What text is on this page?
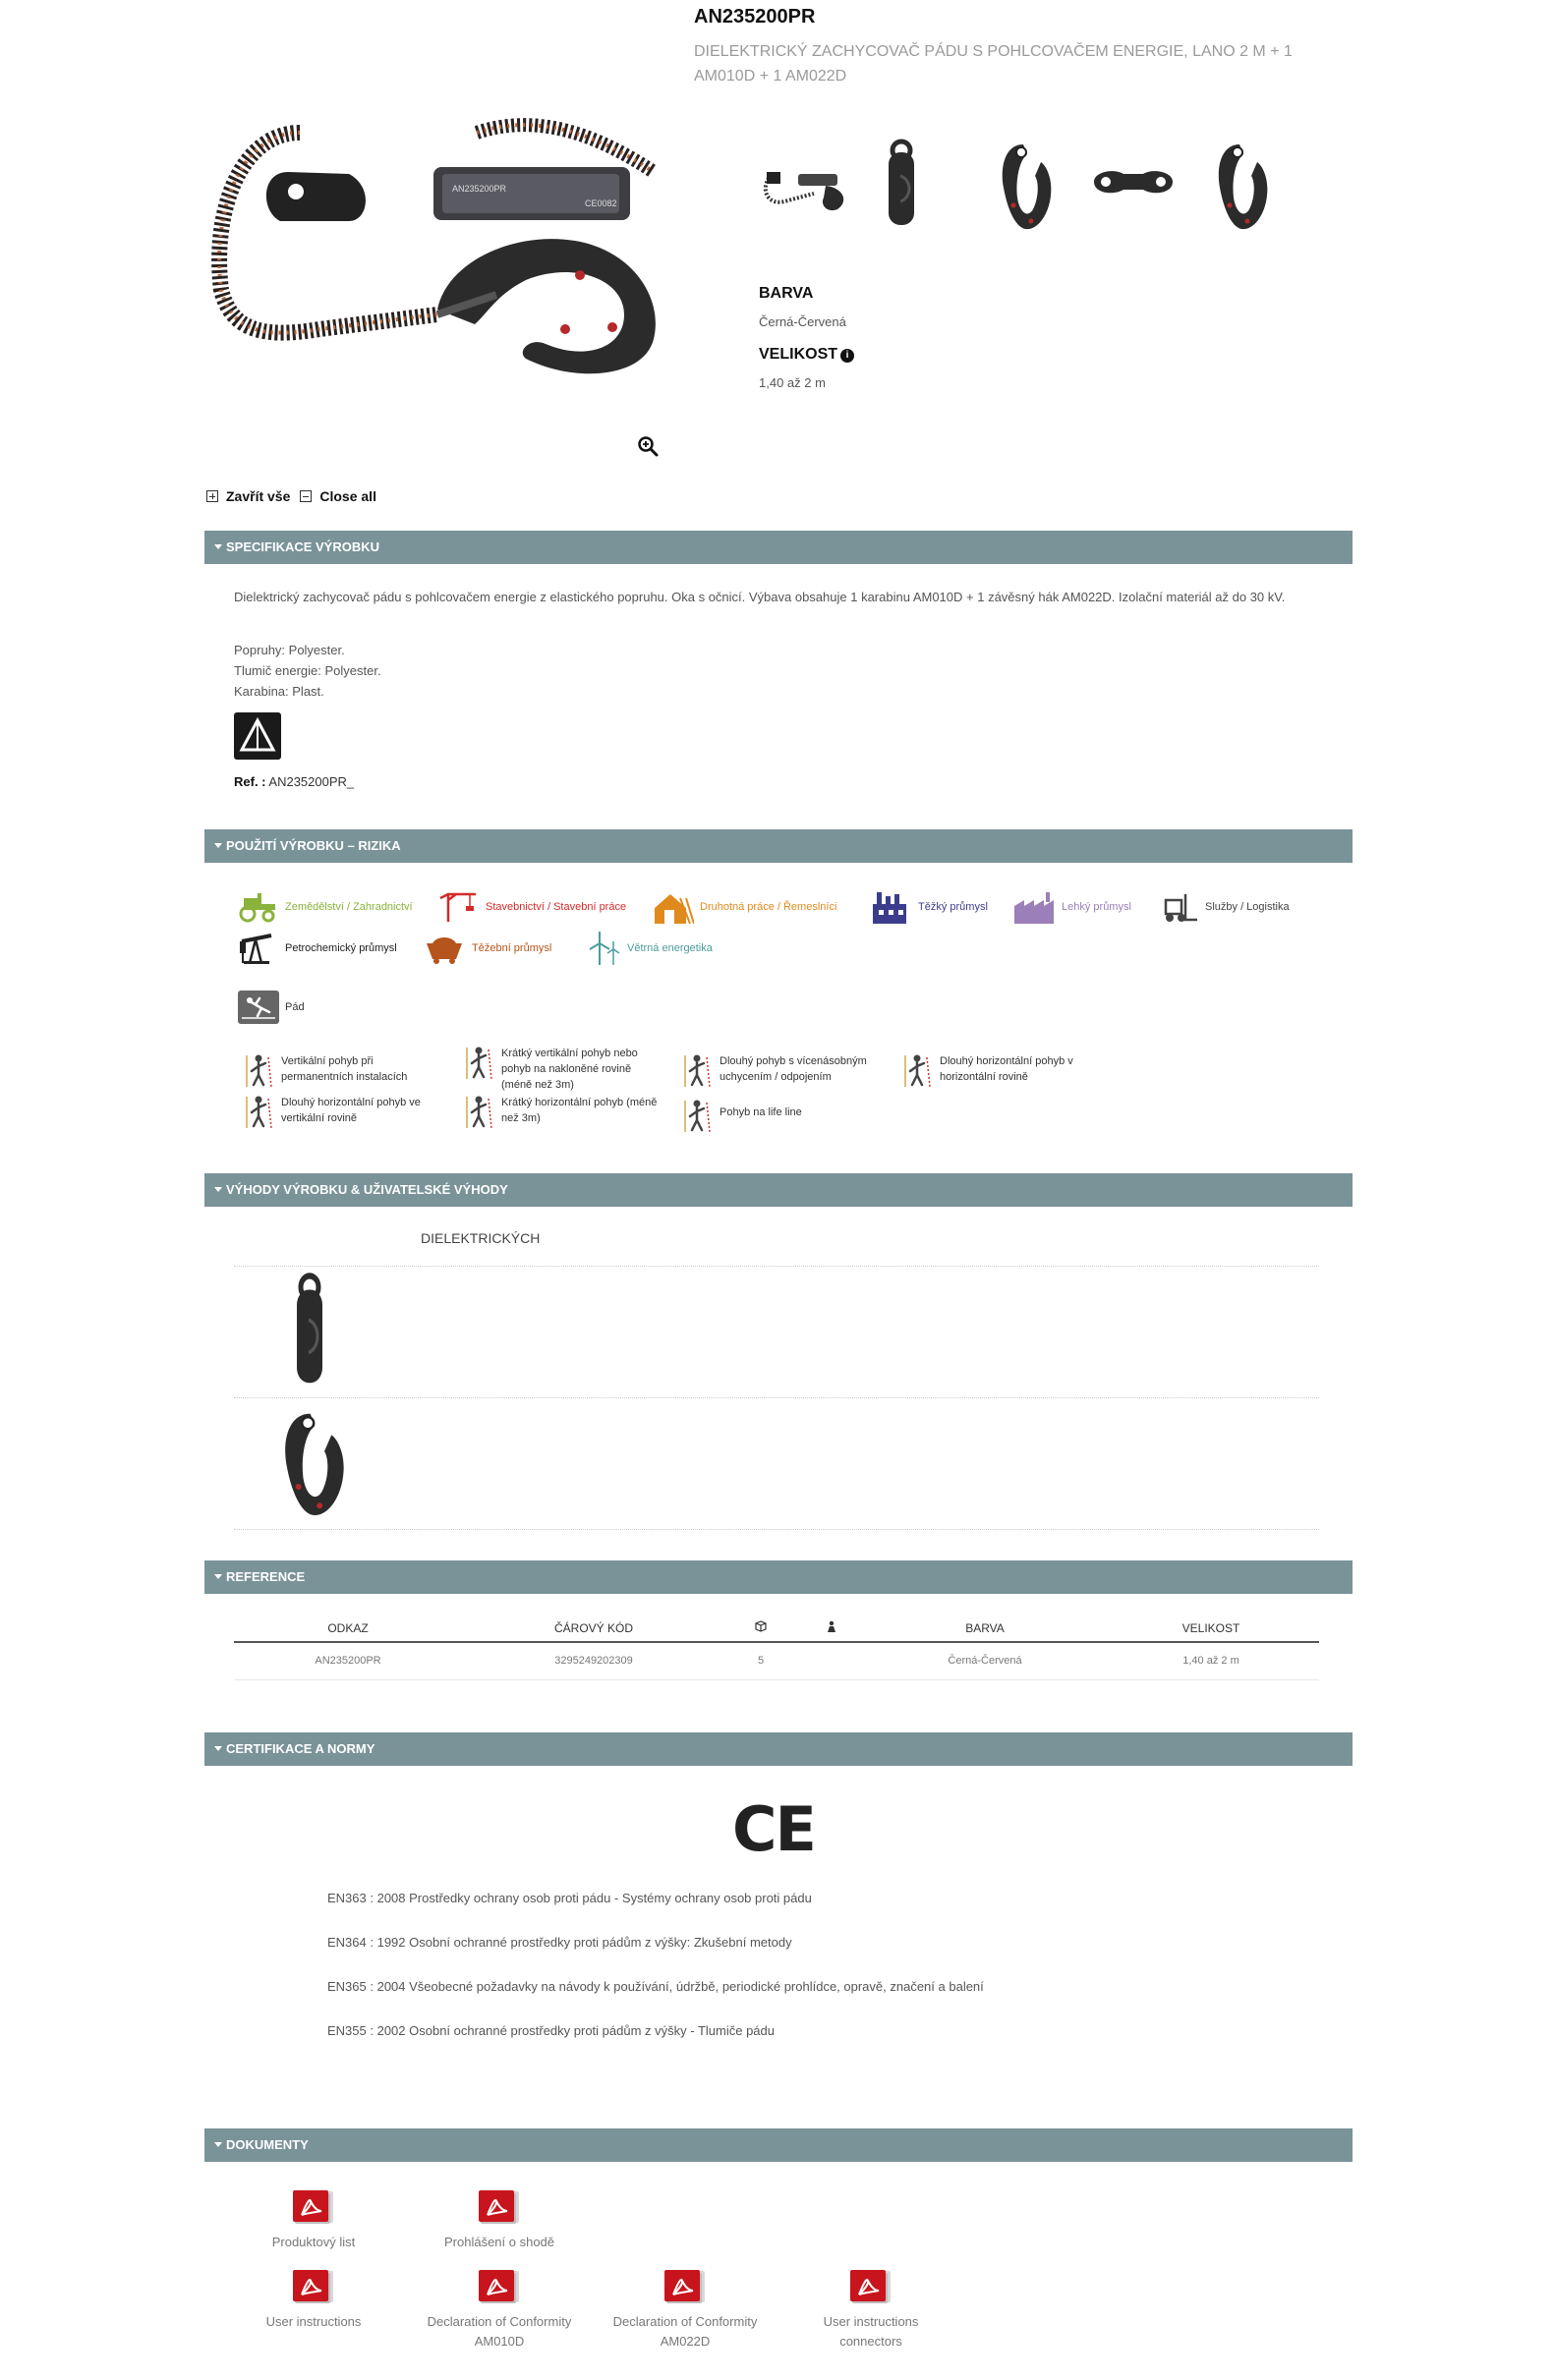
AN235200PR
CE0082
AN235200PR
DIELEKTRICKÝ ZACHYCOVAČ PÁDU S POHLCOVAČEM ENERGIE, LANO 2 M + 1 AM010D + 1 AM022D
BARVA
Černá-Červená
VELIKOST i
1,40 až 2 m
Zavřít vše Close all
SPECIFIKACE VÝROBKU
Dielektrický zachycovač pádu s pohlcovačem energie z elastického popruhu. Oka s očnicí. Výbava obsahuje 1 karabinu AM010D + 1 závěsný hák AM022D. Izolační materiál až do 30 kV.
Popruhy: Polyester.
Tlumič energie: Polyester.
Karabina: Plast.
Ref. : AN235200PR_
POUŽITÍ VÝROBKU – RIZIKA
Zemědělství / Zahradnictví	Stavebnictví / Stavební práce	Druhotná práce / Řemeslníci	Těžký průmysl	Lehký průmysl	Služby / Logistika
Petrochemický průmysl	Těžební průmysl	Větrná energetika
Pád
Vertikální pohyb při permanentních instalacích
Krátký vertikální pohyb nebo pohyb na nakloněné rovině (méně než 3m)
Dlouhý pohyb s vícenásobným uchycením / odpojením
Dlouhý horizontální pohyb v horizontální rovině
Dlouhý horizontální pohyb ve vertikální rovině
Krátký horizontální pohyb (méně než 3m)	Pohyb na life line
VÝHODY VÝROBKU & UŽIVATELSKÉ VÝHODY
DIELEKTRICKÝCH
REFERENCE
ODKAZ	ČÁROVÝ KÓD			BARVA	VELIKOST
AN235200PR	3295249202309	5		Černá-Červená	1,40 až 2 m
CERTIFIKACE A NORMY
CE
EN363 : 2008 Prostředky ochrany osob proti pádu - Systémy ochrany osob proti pádu
EN364 : 1992 Osobní ochranné prostředky proti pádům z výšky: Zkušební metody
EN365 : 2004 Všeobecné požadavky na návody k používání, údržbě, periodické prohlídce, opravě, značení a balení
EN355 : 2002 Osobní ochranné prostředky proti pádům z výšky - Tlumiče pádu
DOKUMENTY
Produktový list	Prohlášení o shodě
User instructions	Declaration of Conformity
AM010D
Declaration of Conformity
AM022D
User instructions
connectors
